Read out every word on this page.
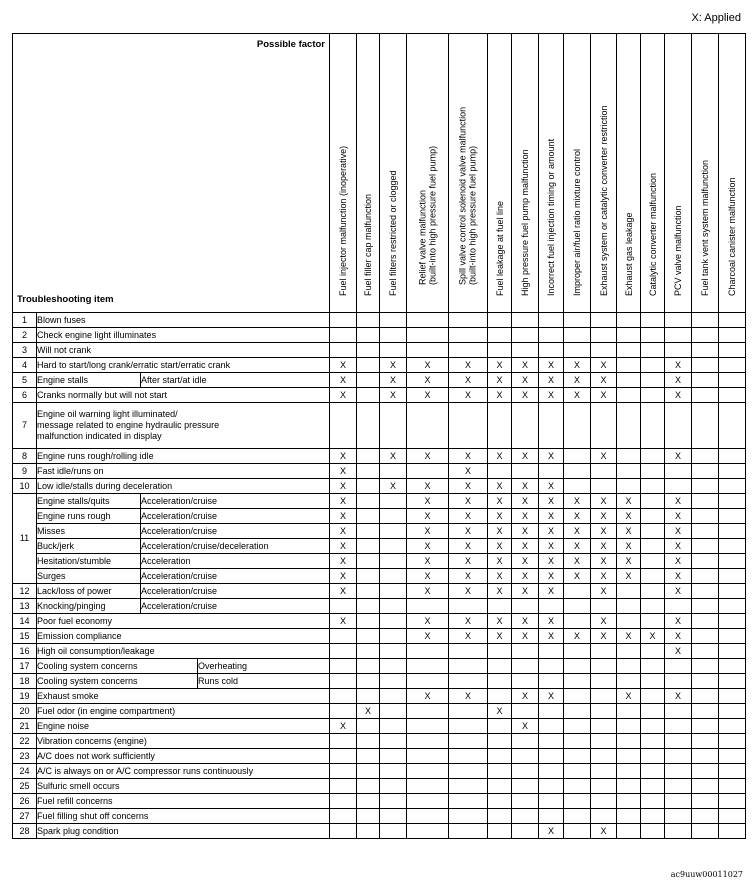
X: Applied
Possible factor
Troubleshooting item				Fuel injector malfunction (inoperative)	Fuel filler cap malfunction	Fuel filters restricted or clogged	Relief valve malfunction
(built-into high pressure fuel pump)	Spill valve control solenoid valve malfunction
(built-into high pressure fuel pump)	Fuel leakage at fuel line	High pressure fuel pump malfunction	Incorrect fuel injection timing or amount	Improper air/fuel ratio mixture control	Exhaust system or catalytic converter restriction	Exhaust gas leakage	Catalytic converter malfunction	PCV valve malfunction	Fuel tank vent system malfunction	Charcoal canister malfunction

1	Blown fuses																	
2	Check engine light illuminates																	
3	Will not crank																	
4	Hard to start/long crank/erratic start/erratic crank			X		X	X	X	X	X	X	X	X			X		
5	Engine stalls	After start/at idle		X		X	X	X	X	X	X	X	X			X		
6	Cranks normally but will not start			X		X	X	X	X	X	X	X	X			X		
7	Engine oil warning light illuminated/
message related to engine hydraulic pressure
malfunction indicated in display																	
8	Engine runs rough/rolling idle			X		X	X	X	X	X	X		X			X		
9	Fast idle/runs on			X				X										
10	Low idle/stalls during deceleration			X		X	X	X	X	X	X							
11	Engine stalls/quits	Acceleration/cruise		X			X	X	X	X	X	X	X	X		X		
	Engine runs rough	Acceleration/cruise		X			X	X	X	X	X	X	X	X		X		
	Misses	Acceleration/cruise		X			X	X	X	X	X	X	X	X		X		
	Buck/jerk	Acceleration/cruise/deceleration		X			X	X	X	X	X	X	X	X		X		
	Hesitation/stumble	Acceleration		X			X	X	X	X	X	X	X	X		X		
	Surges	Acceleration/cruise		X			X	X	X	X	X	X	X	X		X		
12	Lack/loss of power	Acceleration/cruise		X			X	X	X	X	X		X			X		
13	Knocking/pinging	Acceleration/cruise																
14	Poor fuel economy			X			X	X	X	X	X		X			X		
15	Emission compliance						X	X	X	X	X	X	X	X	X	X		
16	High oil consumption/leakage															X		
17	Cooling system concerns		Overheating															
18	Cooling system concerns		Runs cold															
19	Exhaust smoke						X	X		X	X			X		X		
20	Fuel odor (in engine compartment)				X				X									
21	Engine noise			X						X								
22	Vibration concerns (engine)																	
23	A/C does not work sufficiently																	
24	A/C is always on or A/C compressor runs continuously																	
25	Sulfuric smell occurs																	
26	Fuel refill concerns																	
27	Fuel filling shut off concerns																	
28	Spark plug condition										X		X					
ac9uuw00011027
